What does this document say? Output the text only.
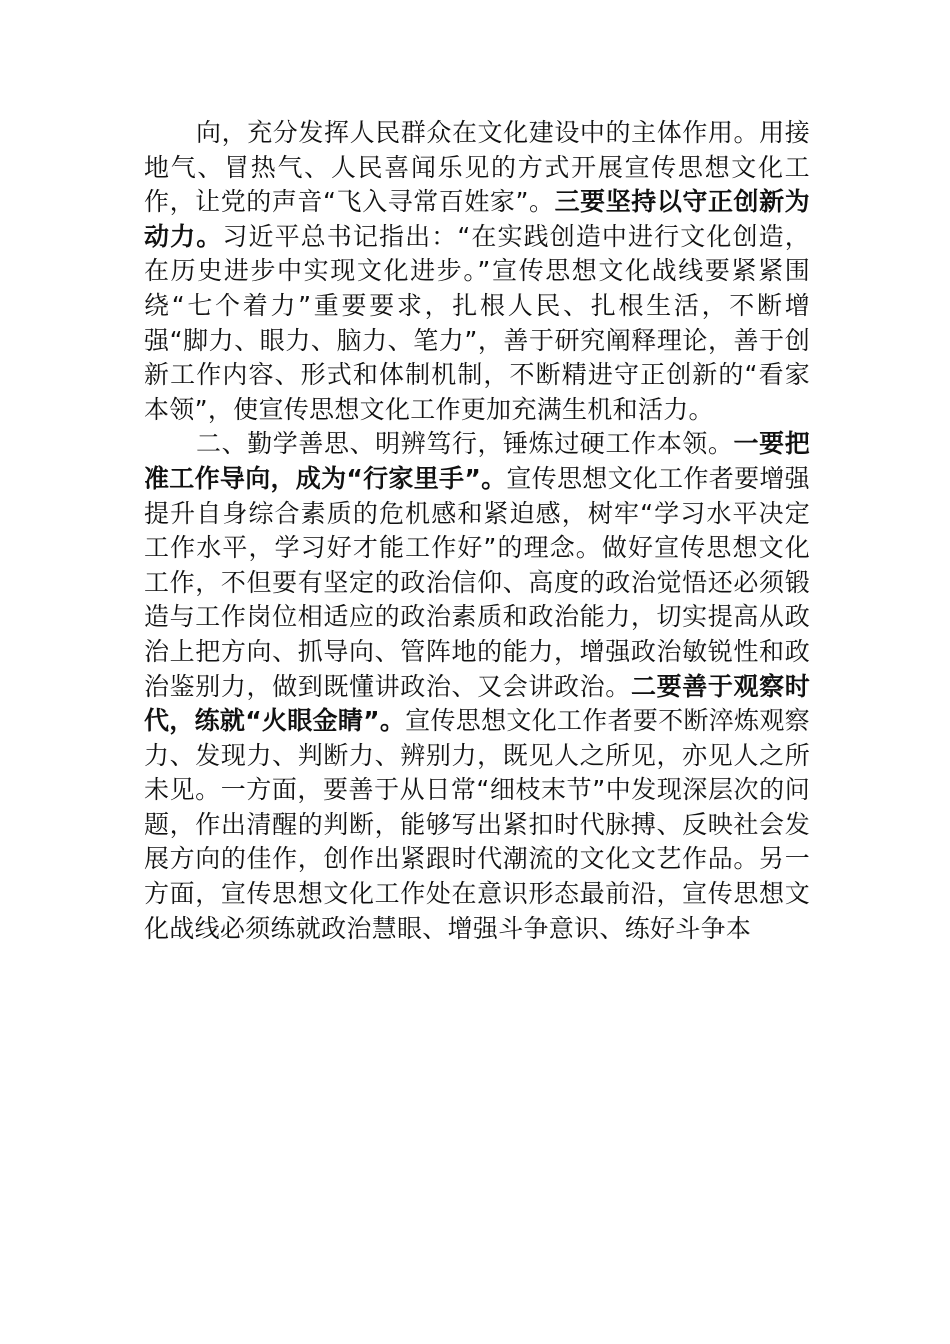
向，充分发挥人民群众在文化建设中的主体作用。用接地气、冒热气、人民喜闻乐见的方式开展宣传思想文化工作，让党的声音“飞入寻常百姓家”。三要坚持以守正创新为动力。习近平总书记指出：“在实践创造中进行文化创造，在历史进步中实现文化进步。”宣传思想文化战线要紧紧围绕“七个着力”重要要求，扎根人民、扎根生活，不断增强“脚力、眼力、脑力、笔力”，善于研究阐释理论，善于创新工作内容、形式和体制机制，不断精进守正创新的“看家本领”，使宣传思想文化工作更加充满生机和活力。

二、勤学善思、明辨笃行，锤炼过硬工作本领。一要把准工作导向，成为“行家里手”。宣传思想文化工作者要增强提升自身综合素质的危机感和紧迫感，树牢“学习水平决定工作水平，学习好才能工作好”的理念。做好宣传思想文化工作，不但要有坚定的政治信仰、高度的政治觉悟还必须锻造与工作岗位相适应的政治素质和政治能力，切实提高从政治上把方向、抓导向、管阵地的能力，增强政治敏锐性和政治鉴别力，做到既懂讲政治、又会讲政治。二要善于观察时代，练就“火眼金睛”。宣传思想文化工作者要不断淬炼观察力、发现力、判断力、辨别力，既见人之所见，亦见人之所未见。一方面，要善于从日常“细枝末节”中发现深层次的问题，作出清醒的判断，能够写出紧扣时代脉搏、反映社会发展方向的佳作，创作出紧跟时代潮流的文化文艺作品。另一方面，宣传思想文化工作处在意识形态最前沿，宣传思想文化战线必须练就政治慧眼、增强斗争意识、练好斗争本
